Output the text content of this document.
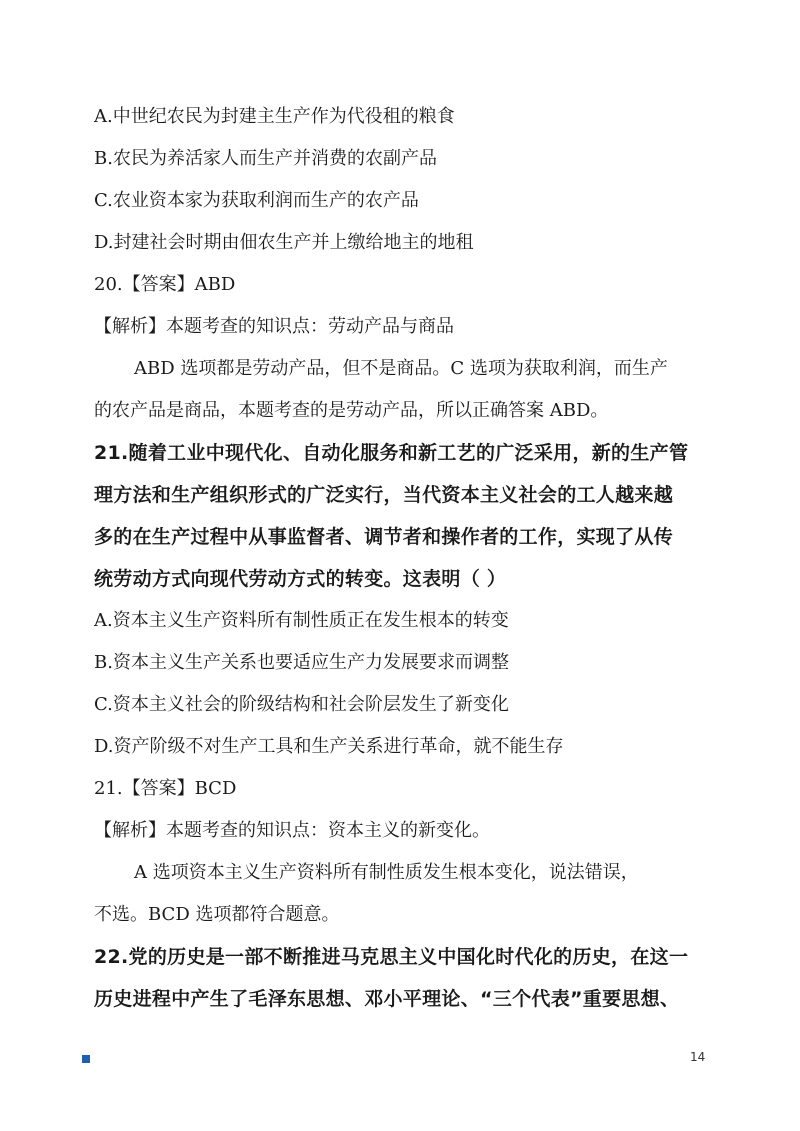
A.中世纪农民为封建主生产作为代役租的粮食
B.农民为养活家人而生产并消费的农副产品
C.农业资本家为获取利润而生产的农产品
D.封建社会时期由佃农生产并上缴给地主的地租
20.【答案】ABD
【解析】本题考查的知识点：劳动产品与商品
ABD 选项都是劳动产品，但不是商品。C 选项为获取利润，而生产
的农产品是商品，本题考查的是劳动产品，所以正确答案 ABD。
21.随着工业中现代化、自动化服务和新工艺的广泛采用，新的生产管
理方法和生产组织形式的广泛实行，当代资本主义社会的工人越来越
多的在生产过程中从事监督者、调节者和操作者的工作，实现了从传
统劳动方式向现代劳动方式的转变。这表明（ ）
A.资本主义生产资料所有制性质正在发生根本的转变
B.资本主义生产关系也要适应生产力发展要求而调整
C.资本主义社会的阶级结构和社会阶层发生了新变化
D.资产阶级不对生产工具和生产关系进行革命，就不能生存
21.【答案】BCD
【解析】本题考查的知识点：资本主义的新变化。
A 选项资本主义生产资料所有制性质发生根本变化，说法错误，
不选。BCD 选项都符合题意。
22.党的历史是一部不断推进马克思主义中国化时代化的历史，在这一
历史进程中产生了毛泽东思想、邓小平理论、“三个代表”重要思想、
14
